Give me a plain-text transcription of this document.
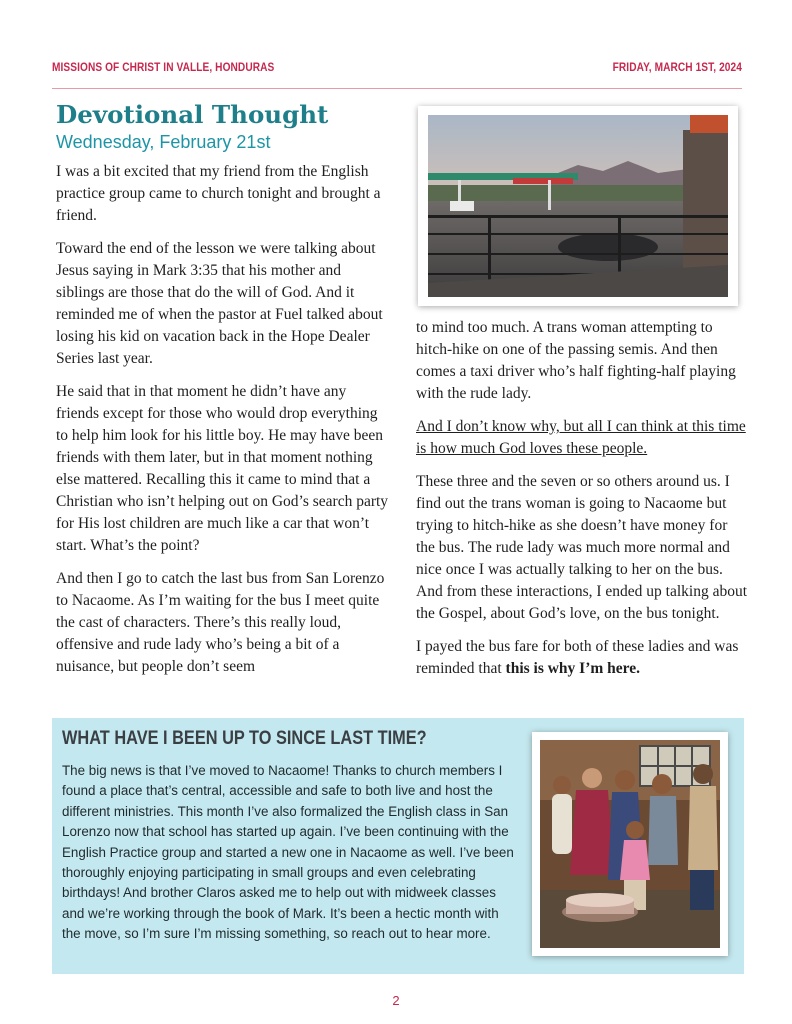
MISSIONS OF CHRIST IN VALLE, HONDURAS	FRIDAY, MARCH 1ST, 2024
Devotional Thought
Wednesday, February 21st

I was a bit excited that my friend from the English practice group came to church tonight and brought a friend.

Toward the end of the lesson we were talking about Jesus saying in Mark 3:35 that his mother and siblings are those that do the will of God. And it reminded me of when the pastor at Fuel talked about losing his kid on vacation back in the Hope Dealer Series last year.

He said that in that moment he didn’t have any friends except for those who would drop everything to help him look for his little boy. He may have been friends with them later, but in that moment nothing else mattered. Recalling this it came to mind that a Christian who isn’t helping out on God’s search party for His lost children are much like a car that won’t start. What’s the point?

And then I go to catch the last bus from San Lorenzo to Nacaome. As I’m waiting for the bus I meet quite the cast of characters. There’s this really loud, offensive and rude lady who’s being a bit of a nuisance, but people don’t seem

to mind too much. A trans woman attempting to hitch-hike on one of the passing semis. And then comes a taxi driver who’s half fighting-half playing with the rude lady.

And I don’t know why, but all I can think at this time is how much God loves these people.

These three and the seven or so others around us. I find out the trans woman is going to Nacaome but trying to hitch-hike as she doesn’t have money for the bus. The rude lady was much more normal and nice once I was actually talking to her on the bus. And from these interactions, I ended up talking about the Gospel, about God’s love, on the bus tonight.

I payed the bus fare for both of these ladies and was reminded that this is why I’m here.

WHAT HAVE I BEEN UP TO SINCE LAST TIME?

The big news is that I’ve moved to Nacaome! Thanks to church members I found a place that’s central, accessible and safe to both live and host the different ministries. This month I’ve also formalized the English class in San Lorenzo now that school has started up again. I’ve been continuing with the English Practice group and started a new one in Nacaome as well. I’ve been thoroughly enjoying participating in small groups and even celebrating birthdays! And brother Claros asked me to help out with midweek classes and we’re working through the book of Mark. It’s been a hectic month with the move, so I’m sure I’m missing something, so reach out to hear more.

2
